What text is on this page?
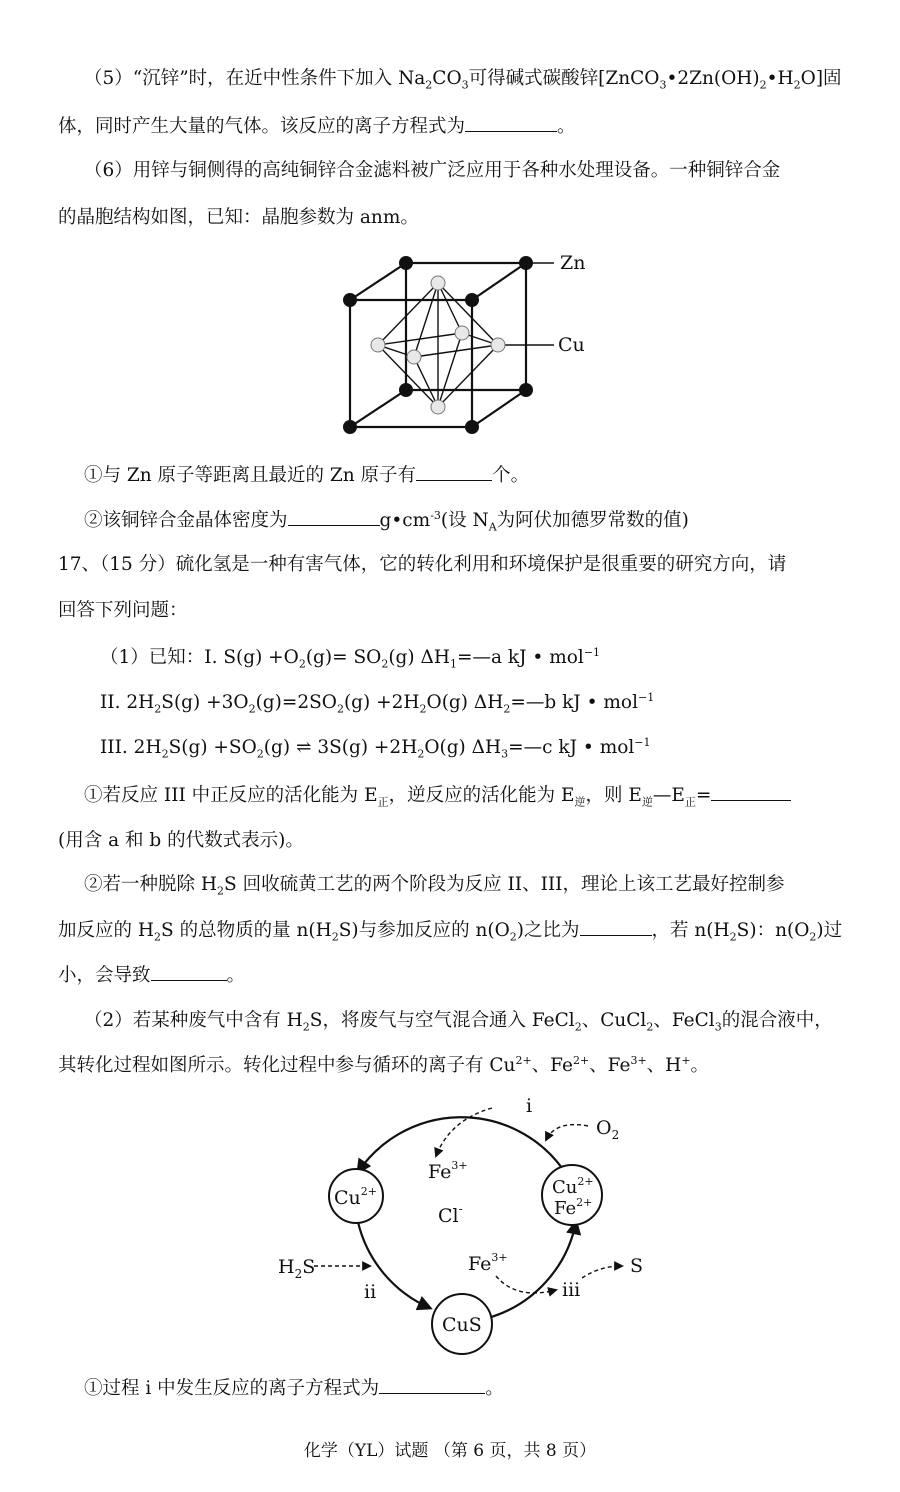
（5）“沉锌”时，在近中性条件下加入 $Na_2CO_3$可得碱式碳酸锌$[ZnCO_3•2Zn(OH)_2•H_2O]$固
体，同时产生大量的气体。该反应的离子方程式为	。
（6）用锌与铜侧得的高纯铜锌合金滤料被广泛应用于各种水处理设备。一种铜锌合金
的晶胞结构如图，已知：晶胞参数为 anm。
Zn
Cu
①与 Zn 原子等距离且最近的 Zn 原子有	个。
②该铜锌合金晶体密度为	$g•cm^{-3}$(设 $N_A$为阿伏加德罗常数的值)
17、（15 分）硫化氢是一种有害气体，它的转化利用和环境保护是很重要的研究方向，请
回答下列问题：
（1）已知：I. $S(g) +O_2(g)= SO_2(g)$ $\Delta H_1=—a$ kJ • mol$^{-1}$
II. $2H_2S(g) +3O_2(g)=2SO_2(g) +2H_2O(g)$ $\Delta H_2=—b$ kJ • mol$^{-1}$
III. $2H_2S(g) +SO_2(g)$ ⇌ $3S(g) +2H_2O(g)$ $\Delta H_3=—c$ kJ • mol$^{-1}$
①若反应 III 中正反应的活化能为 $E_正$，逆反应的活化能为 $E_逆$，则 $E_逆—E_正=$
(用含 a 和 b 的代数式表示)。
②若一种脱除 $H_2S$ 回收硫黄工艺的两个阶段为反应 II、III，理论上该工艺最好控制参
加反应的 $H_2S$ 的总物质的量 $n(H_2S)$与参加反应的 $n(O_2)$之比为	，若 $n(H_2S)$：$n(O_2)$过
小，会导致	。
（2）若某种废气中含有 $H_2S$，将废气与空气混合通入 FeCl$_2$、CuCl$_2$、FeCl$_3$的混合液中，
其转化过程如图所示。转化过程中参与循环的离子有 $Cu^{2+}$、$Fe^{2+}$、$Fe^{3+}$、H+。
$Cu^{2+}$	$Cu^{2+}$
$Fe^{2+}$
CuS
i
$O_2$
$Fe^{3+}$
Cl-
$H_2S$
ii
$Fe^{3+}$
iii
S
①过程 i 中发生反应的离子方程式为	。
化学（YL）试题 （第 6 页，共 8 页）
